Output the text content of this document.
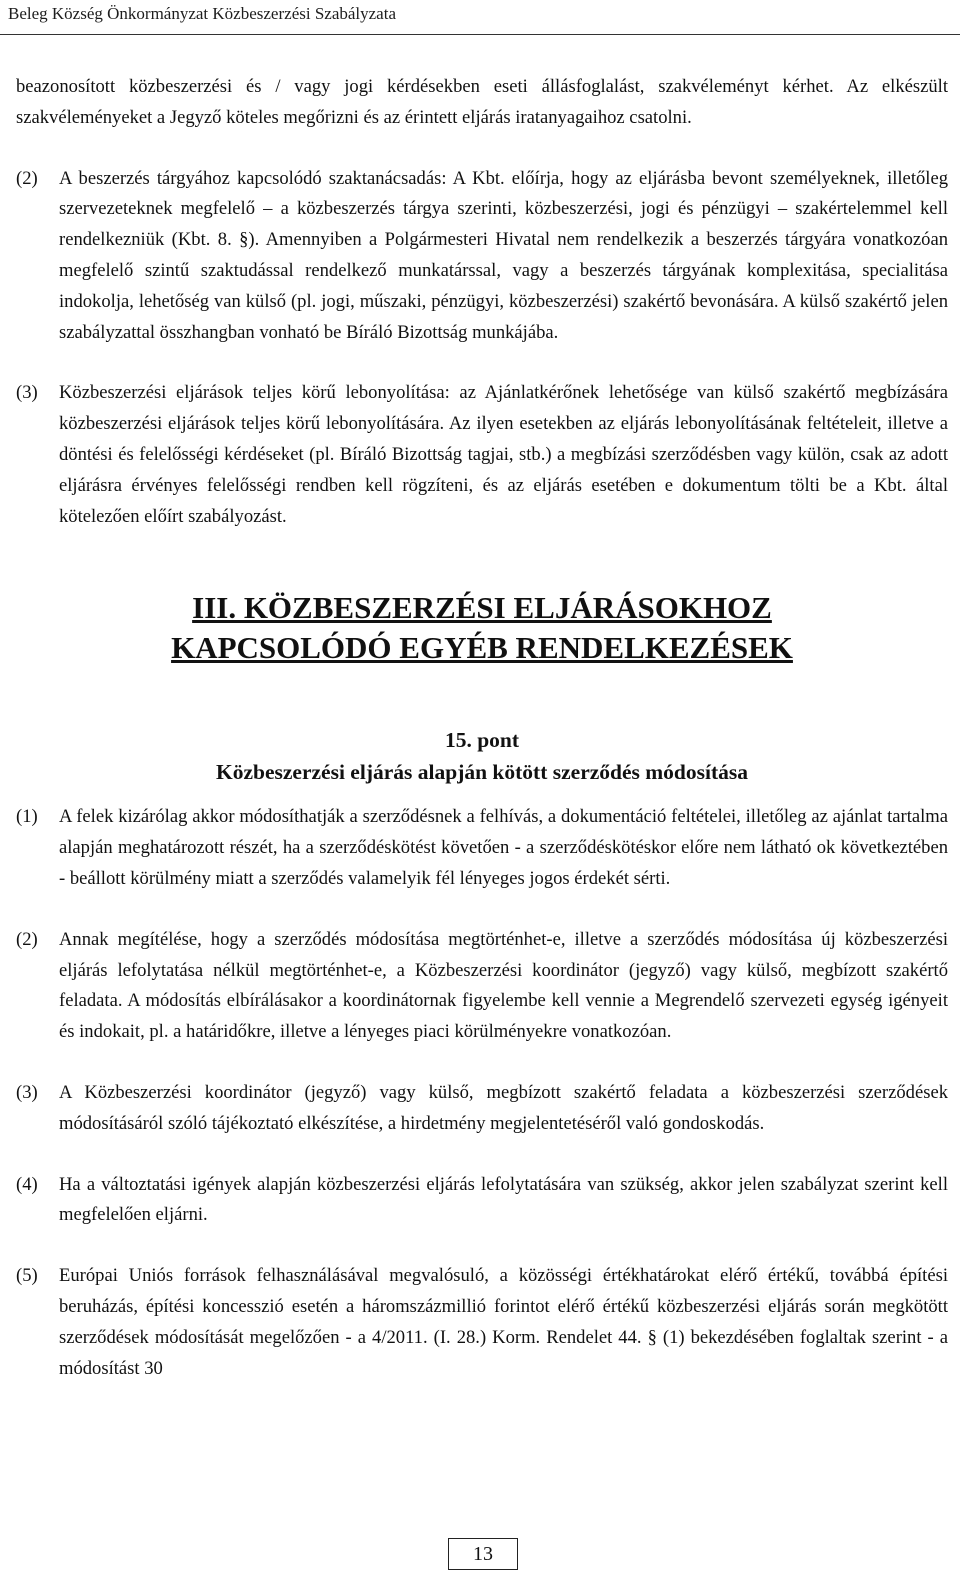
Beleg Község Önkormányzat Közbeszerzési Szabályzata

beazonosított közbeszerzési és / vagy jogi kérdésekben eseti állásfoglalást, szakvéleményt kérhet. Az elkészült szakvéleményeket a Jegyző köteles megőrizni és az érintett eljárás iratanyagaihoz csatolni.

(2)	A beszerzés tárgyához kapcsolódó szaktanácsadás: A Kbt. előírja, hogy az eljárásba bevont személyeknek, illetőleg szervezeteknek megfelelő – a közbeszerzés tárgya szerinti, közbeszerzési, jogi és pénzügyi – szakértelemmel kell rendelkezniük (Kbt. 8. §). Amennyiben a Polgármesteri Hivatal nem rendelkezik a beszerzés tárgyára vonatkozóan megfelelő szintű szaktudással rendelkező munkatárssal, vagy a beszerzés tárgyának komplexitása, specialitása indokolja, lehetőség van külső (pl. jogi, műszaki, pénzügyi, közbeszerzési) szakértő bevonására. A külső szakértő jelen szabályzattal összhangban vonható be Bíráló Bizottság munkájába.
(3)	Közbeszerzési eljárások teljes körű lebonyolítása: az Ajánlatkérőnek lehetősége van külső szakértő megbízására közbeszerzési eljárások teljes körű lebonyolítására. Az ilyen esetekben az eljárás lebonyolításának feltételeit, illetve a döntési és felelősségi kérdéseket (pl. Bíráló Bizottság tagjai, stb.) a megbízási szerződésben vagy külön, csak az adott eljárásra érvényes felelősségi rendben kell rögzíteni, és az eljárás esetében e dokumentum tölti be a Kbt. által kötelezően előírt szabályozást.

III. KÖZBESZERZÉSI ELJÁRÁSOKHOZ

KAPCSOLÓDÓ EGYÉB RENDELKEZÉSEK

15. pont

Közbeszerzési eljárás alapján kötött szerződés módosítása

(1)	A felek kizárólag akkor módosíthatják a szerződésnek a felhívás, a dokumentáció feltételei, illetőleg az ajánlat tartalma alapján meghatározott részét, ha a szerződéskötést követően - a szerződéskötéskor előre nem látható ok következtében - beállott körülmény miatt a szerződés valamelyik fél lényeges jogos érdekét sérti.
(2)	Annak megítélése, hogy a szerződés módosítása megtörténhet-e, illetve a szerződés módosítása új közbeszerzési eljárás lefolytatása nélkül megtörténhet-e, a Közbeszerzési koordinátor (jegyző) vagy külső, megbízott szakértő feladata. A módosítás elbírálásakor a koordinátornak figyelembe kell vennie a Megrendelő szervezeti egység igényeit és indokait, pl. a határidőkre, illetve a lényeges piaci körülményekre vonatkozóan.
(3)	A Közbeszerzési koordinátor (jegyző) vagy külső, megbízott szakértő feladata a közbeszerzési szerződések módosításáról szóló tájékoztató elkészítése, a hirdetmény megjelentetéséről való gondoskodás.
(4)	Ha a változtatási igények alapján közbeszerzési eljárás lefolytatására van szükség, akkor jelen szabályzat szerint kell megfelelően eljárni.
(5)	Európai Uniós források felhasználásával megvalósuló, a közösségi értékhatárokat elérő értékű, továbbá építési beruházás, építési koncesszió esetén a háromszázmillió forintot elérő értékű közbeszerzési eljárás során megkötött szerződések módosítását megelőzően - a 4/2011. (I. 28.) Korm. Rendelet 44. § (1) bekezdésében foglaltak szerint - a módosítást 30
13
